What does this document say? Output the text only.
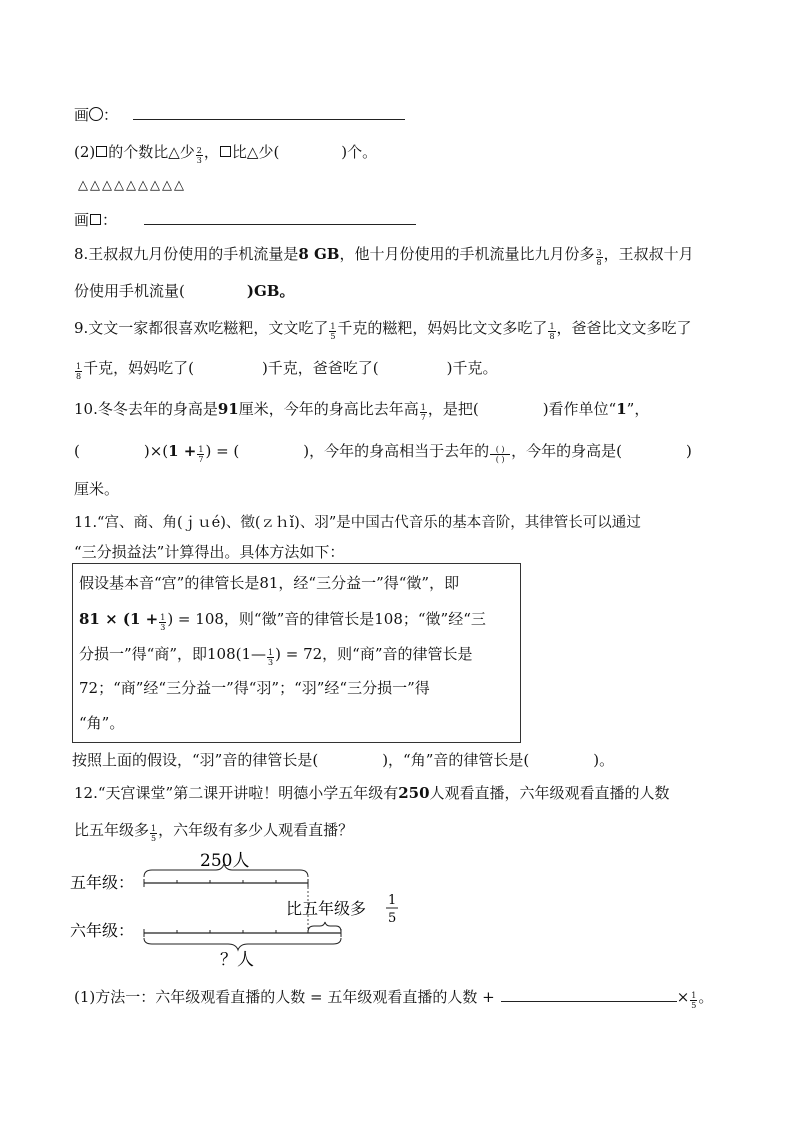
画 ：
(2) 的个数比△少 $\frac{2}{3}$ ， 比△少(	)个。
△△△△△△△△△
画 ：
8.王叔叔九月份使用的手机流量是8 GB，他十月份使用的手机流量比九月份多 $\frac{3}{8}$ ，王叔叔十月
份使用手机流量(	)GB。
9.文文一家都很喜欢吃糍粑，文文吃了 $\frac{1}{5}$ 千克的糍粑，妈妈比文文多吃了 $\frac{1}{8}$ ，爸爸比文文多吃了
$\frac{1}{8}$ 千克，妈妈吃了(	)千克，爸爸吃了(	)千克。
10.冬冬去年的身高是91厘米，今年的身高比去年高 $\frac{1}{7}$ ，是把(	)看作单位“1”，
(	)$\times(1 + \frac{1}{7}$ ) = (	)，今年的身高相当于去年的 $\frac{( )}{( )}$ ，今年的身高是(	)
厘米。
11.“宫、商、角(ｊｕé)、徵(ｚｈǐ)、羽”是中国古代音乐的基本音阶，其律管长可以通过
“三分损益法”计算得出。具体方法如下：
假设基本音“宫”的律管长是81，经“三分益一”得“徵”，即
$81 \times (1 + \frac{1}{3}$ ) = 108，则“徵”音的律管长是108；“徵”经“三
分损一”得“商”，即108(1— $\frac{1}{3}$ ) = 72，则“商”音的律管长是
72；“商”经“三分益一”得“羽”；“羽”经“三分损一”得
“角”。
按照上面的假设，“羽”音的律管长是(	)，“角”音的律管长是(	)。
12.“天宫课堂”第二课开讲啦！明德小学五年级有250人观看直播，六年级观看直播的人数
比五年级多 $\frac{1}{5}$ ，六年级有多少人观看直播？
250人
五年级：
比五年级多 1
5
六年级：
？人
(1)方法一：六年级观看直播的人数 = 五年级观看直播的人数 +	× $\frac{1}{5}$ 。
